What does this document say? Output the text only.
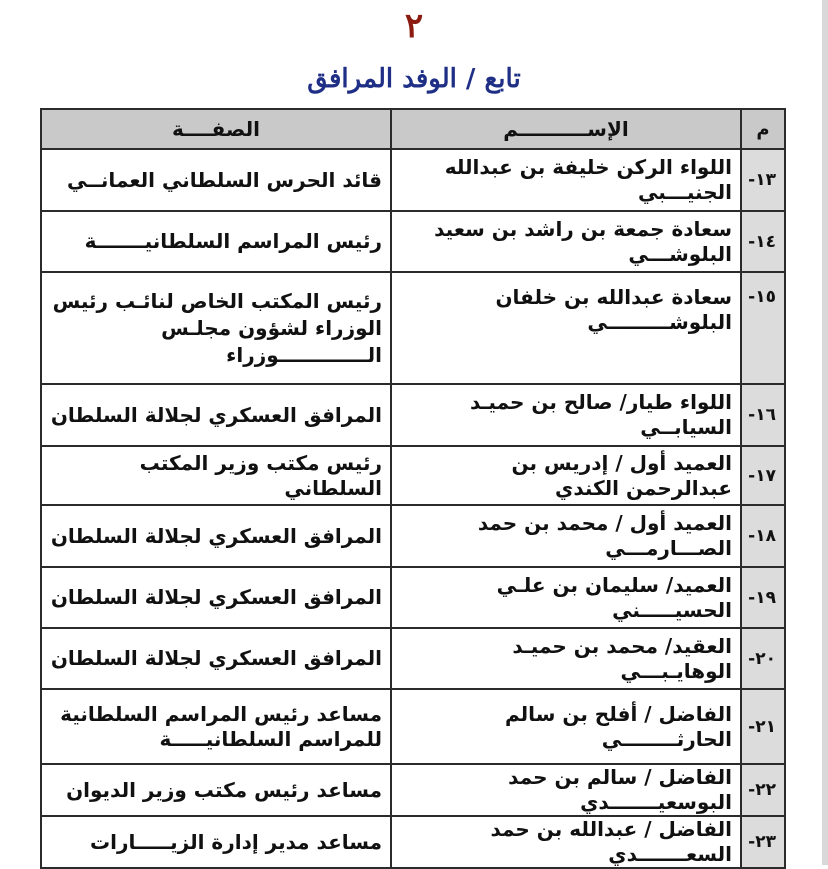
٢
تابع / الوفد المرافق
م	الإســــــــــم	الصفــــة
١٣-	اللواء الركن خليفة بن عبدالله الجنيـــبي	قائد الحرس السلطاني العمانــي
١٤-	سعادة جمعة بن راشد بن سعيد البلوشـــي	رئيس المراسم السلطانيـــــــة
١٥-	سعادة عبدالله بن خلفان البلوشـــــــــي	رئيس المكتب الخاص لنائـب رئيس الوزراء لشؤون مجلـس الـــــــــــــوزراء
١٦-	اللواء طيار/ صالح بن حميـد السيابــي	المرافق العسكري لجلالة السلطان
١٧-	العميد أول / إدريس بن عبدالرحمن الكندي	رئيس مكتب وزير المكتب السلطاني
١٨-	العميد أول / محمد بن حمد الصـــارمـــي	المرافق العسكري لجلالة السلطان
١٩-	العميد/ سليمان بن علـي الحسيـــــني	المرافق العسكري لجلالة السلطان
٢٠-	العقيد/ محمد بن حميـد الوهايـبـــي	المرافق العسكري لجلالة السلطان
٢١-	الفاضل / أفلح بن سالم الحارثــــــــي	مساعد رئيس المراسم السلطانية للمراسم السلطانيـــــة
٢٢-	الفاضل / سالم بن حمد البوسعيـــــــدي	مساعد رئيس مكتب وزير الديوان
٢٣-	الفاضل / عبدالله بن حمد السعـــــــدي	مساعد مدير إدارة الزيـــــارات
